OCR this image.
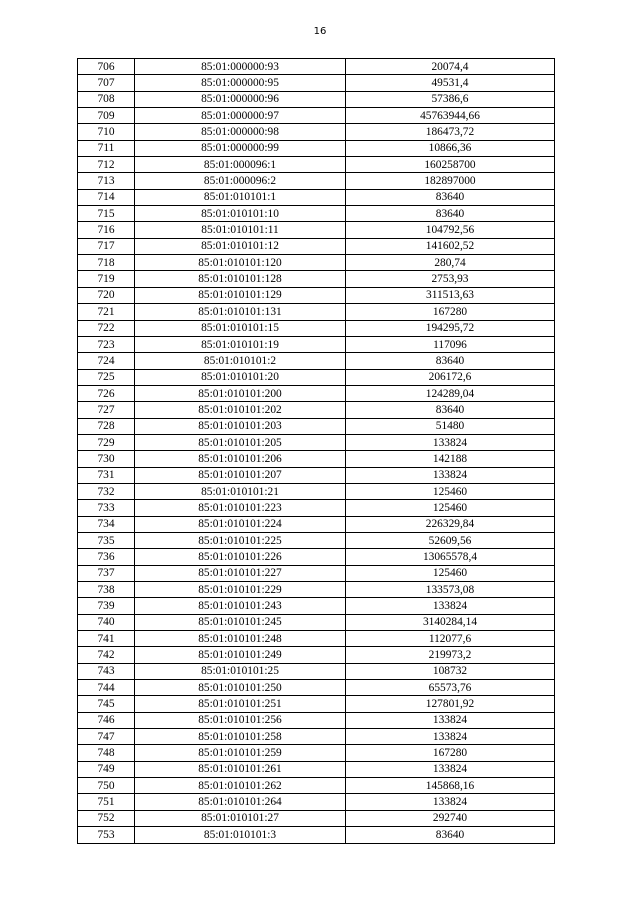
16
706	85:01:000000:93	20074,4
707	85:01:000000:95	49531,4
708	85:01:000000:96	57386,6
709	85:01:000000:97	45763944,66
710	85:01:000000:98	186473,72
711	85:01:000000:99	10866,36
712	85:01:000096:1	160258700
713	85:01:000096:2	182897000
714	85:01:010101:1	83640
715	85:01:010101:10	83640
716	85:01:010101:11	104792,56
717	85:01:010101:12	141602,52
718	85:01:010101:120	280,74
719	85:01:010101:128	2753,93
720	85:01:010101:129	311513,63
721	85:01:010101:131	167280
722	85:01:010101:15	194295,72
723	85:01:010101:19	117096
724	85:01:010101:2	83640
725	85:01:010101:20	206172,6
726	85:01:010101:200	124289,04
727	85:01:010101:202	83640
728	85:01:010101:203	51480
729	85:01:010101:205	133824
730	85:01:010101:206	142188
731	85:01:010101:207	133824
732	85:01:010101:21	125460
733	85:01:010101:223	125460
734	85:01:010101:224	226329,84
735	85:01:010101:225	52609,56
736	85:01:010101:226	13065578,4
737	85:01:010101:227	125460
738	85:01:010101:229	133573,08
739	85:01:010101:243	133824
740	85:01:010101:245	3140284,14
741	85:01:010101:248	112077,6
742	85:01:010101:249	219973,2
743	85:01:010101:25	108732
744	85:01:010101:250	65573,76
745	85:01:010101:251	127801,92
746	85:01:010101:256	133824
747	85:01:010101:258	133824
748	85:01:010101:259	167280
749	85:01:010101:261	133824
750	85:01:010101:262	145868,16
751	85:01:010101:264	133824
752	85:01:010101:27	292740
753	85:01:010101:3	83640
